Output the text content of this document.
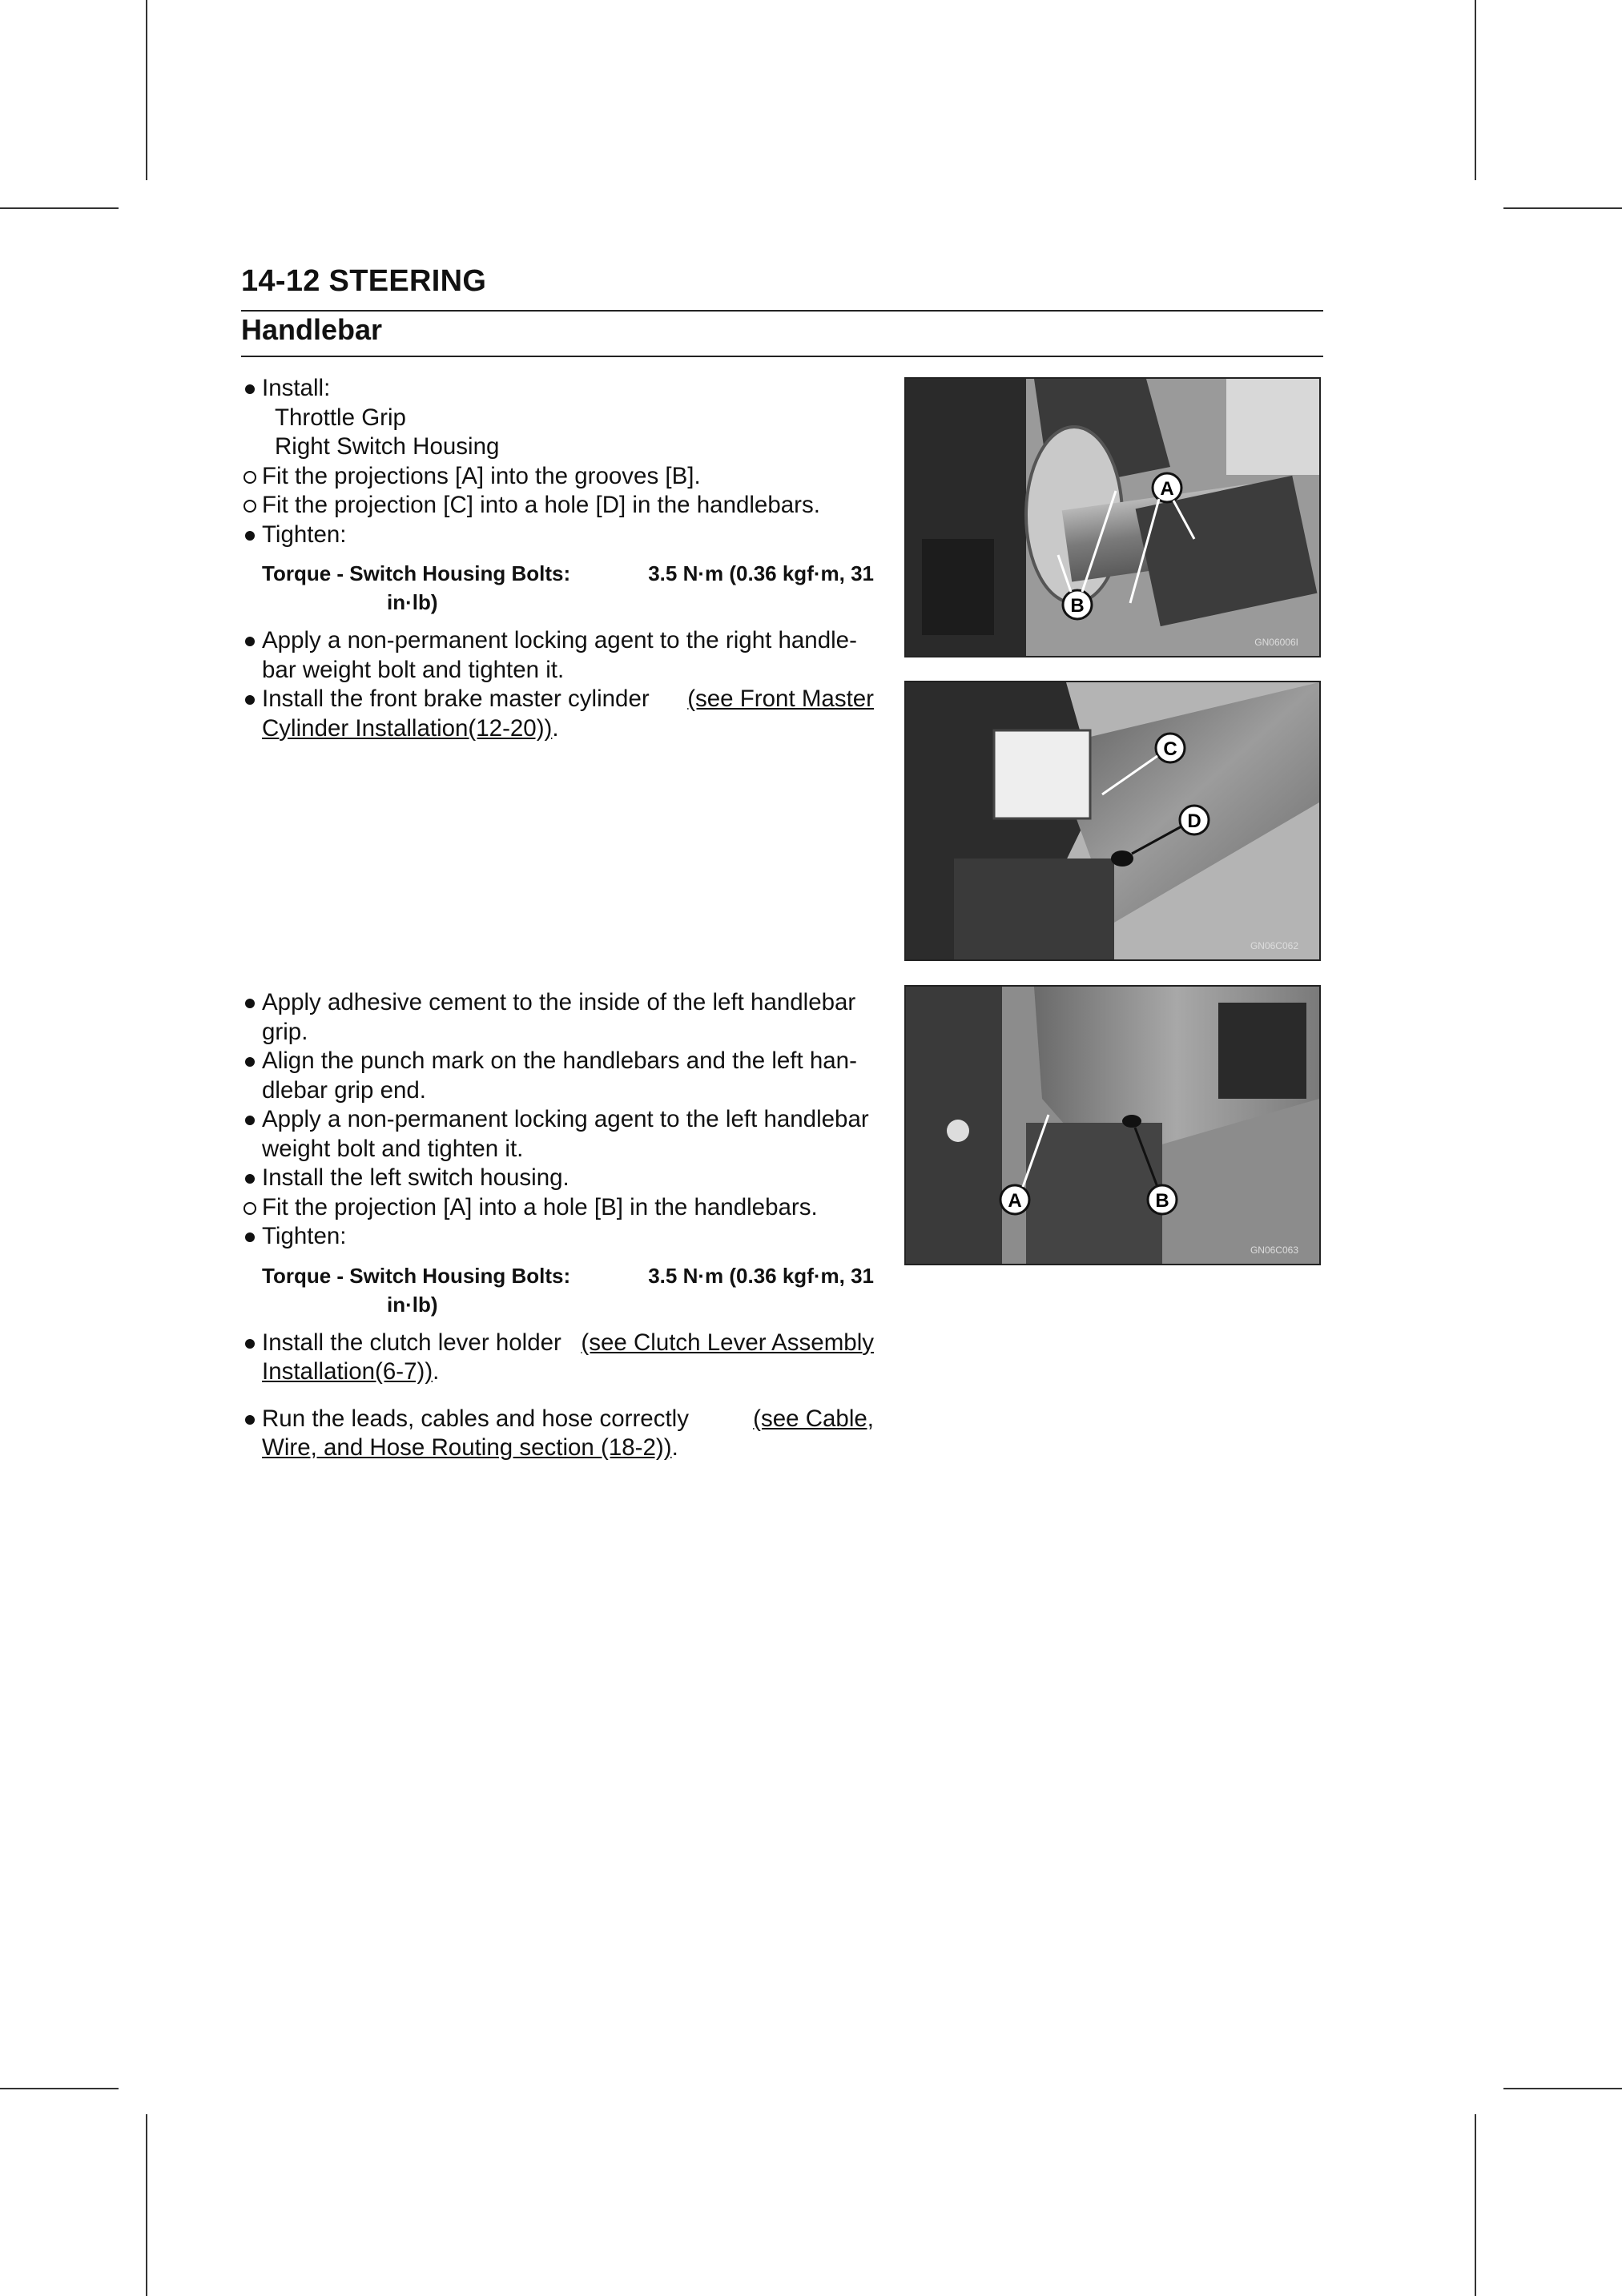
14-12 STEERING
Handlebar
Install:
Throttle Grip
Right Switch Housing
Fit the projections [A] into the grooves [B].
Fit the projection [C] into a hole [D] in the handlebars.
Tighten:
Torque - Switch Housing Bolts:	3.5 N·m (0.36 kgf·m, 31
in·lb)
Apply a non-permanent locking agent to the right handle-
bar weight bolt and tighten it.
Install the front brake master cylinder (see Front Master
Cylinder Installation(12-20)).
Apply adhesive cement to the inside of the left handlebar
grip.
Align the punch mark on the handlebars and the left han-
dlebar grip end.
Apply a non-permanent locking agent to the left handlebar
weight bolt and tighten it.
Install the left switch housing.
Fit the projection [A] into a hole [B] in the handlebars.
Tighten:
Torque - Switch Housing Bolts:	3.5 N·m (0.36 kgf·m, 31
in·lb)
Install the clutch lever holder (see Clutch Lever Assembly
Installation(6-7)).
Run the leads, cables and hose correctly	(see Cable,
Wire, and Hose Routing section (18-2)).
A
B
GN06006I
C
D
GN06C062
A	B
GN06C063
